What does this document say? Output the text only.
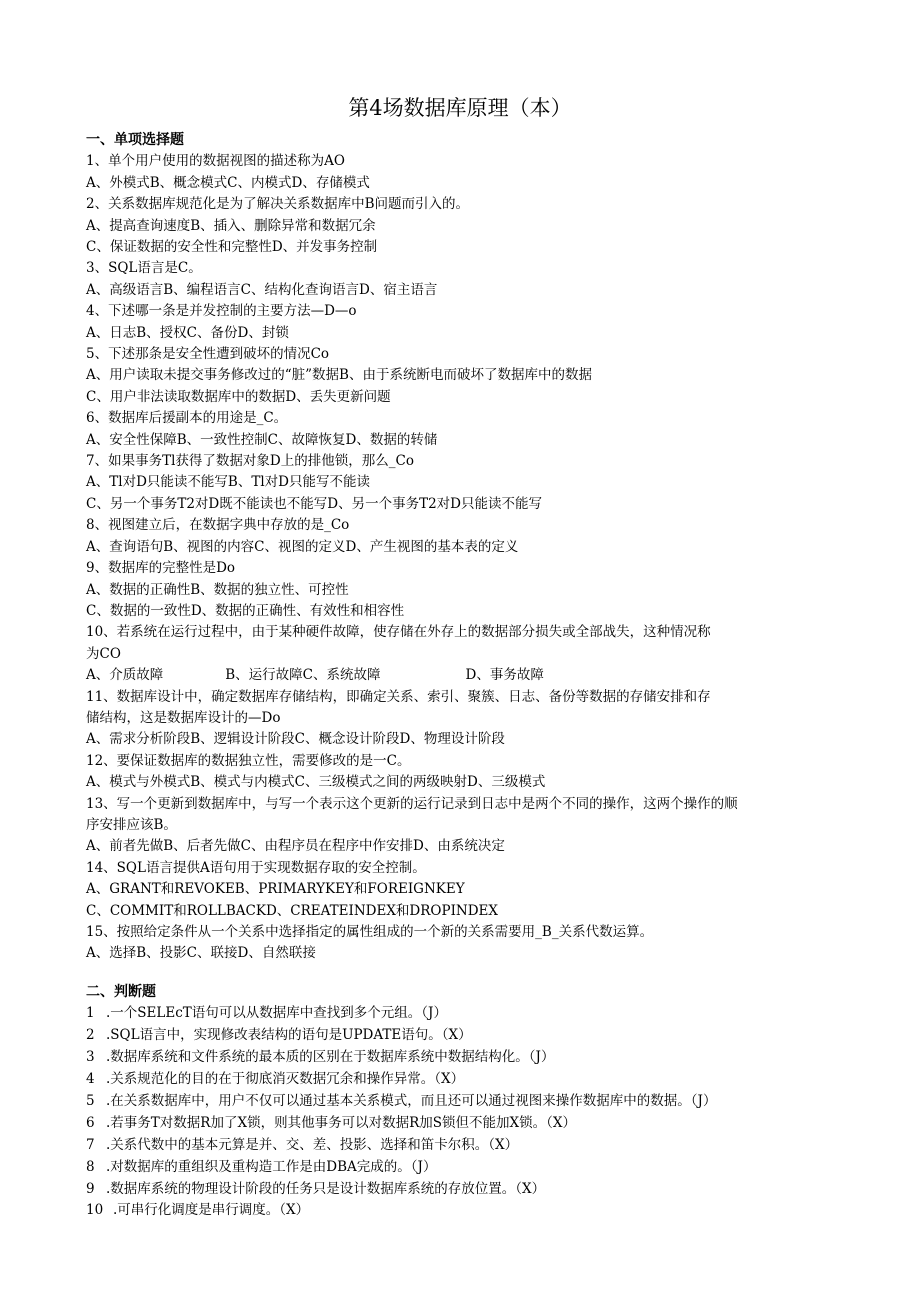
第4场数据库原理（本）
一、单项选择题
1、单个用户使用的数据视图的描述称为AO
A、外模式B、概念模式C、内模式D、存储模式
2、关系数据库规范化是为了解决关系数据库中B问题而引入的。
A、提高查询速度B、插入、删除异常和数据冗余
C、保证数据的安全性和完整性D、并发事务控制
3、SQL语言是C。
A、高级语言B、编程语言C、结构化查询语言D、宿主语言
4、下述哪一条是并发控制的主要方法—D—o
A、日志B、授权C、备份D、封锁
5、下述那条是安全性遭到破坏的情况Co
A、用户读取未提交事务修改过的“脏”数据B、由于系统断电而破坏了数据库中的数据
C、用户非法读取数据库中的数据D、丢失更新问题
6、数据库后援副本的用途是_C。
A、安全性保障B、一致性控制C、故障恢复D、数据的转储
7、如果事务Tl获得了数据对象D上的排他锁，那么_Co
A、Tl对D只能读不能写B、Tl对D只能写不能读
C、另一个事务T2对D既不能读也不能写D、另一个事务T2对D只能读不能写
8、视图建立后，在数据字典中存放的是_Co
A、查询语句B、视图的内容C、视图的定义D、产生视图的基本表的定义
9、数据库的完整性是Do
A、数据的正确性B、数据的独立性、可控性
C、数据的一致性D、数据的正确性、有效性和相容性
10、若系统在运行过程中，由于某种硬件故障，使存储在外存上的数据部分损失或全部战失，这种情况称
为CO
A、介质故障	B、运行故障C、系统故障	D、事务故障
11、数据库设计中，确定数据库存储结构，即确定关系、索引、聚簇、日志、备份等数据的存储安排和存
储结构，这是数据库设计的—Do
A、需求分析阶段B、逻辑设计阶段C、概念设计阶段D、物理设计阶段
12、要保证数据库的数据独立性，需要修改的是一C。
A、模式与外模式B、模式与内模式C、三级模式之间的两级映射D、三级模式
13、写一个更新到数据库中，与写一个表示这个更新的运行记录到日志中是两个不同的操作，这两个操作的顺
序安排应该B。
A、前者先做B、后者先做C、由程序员在程序中作安排D、由系统决定
14、SQL语言提供A语句用于实现数据存取的安全控制。
A、GRANT和REVOKEB、PRIMARYKEY和FOREIGNKEY
C、COMMIT和ROLLBACKD、CREATEINDEX和DROPINDEX
15、按照给定条件从一个关系中选择指定的属性组成的一个新的关系需要用_B_关系代数运算。
A、选择B、投影C、联接D、自然联接
二、判断题
1 .一个SELEcT语句可以从数据库中查找到多个元组。（J）
2 .SQL语言中，实现修改表结构的语句是UPDATE语句。（X）
3 .数据库系统和文件系统的最本质的区别在于数据库系统中数据结构化。（J）
4 .关系规范化的目的在于彻底消灭数据冗余和操作异常。（X）
5 .在关系数据库中，用户不仅可以通过基本关系模式，而且还可以通过视图来操作数据库中的数据。（J）
6 .若事务T对数据R加了X锁，则其他事务可以对数据R加S锁但不能加X锁。（X）
7 .关系代数中的基本元算是并、交、差、投影、选择和笛卡尔积。（X）
8 .对数据库的重组织及重构造工作是由DBA完成的。（J）
9 .数据库系统的物理设计阶段的任务只是设计数据库系统的存放位置。（X）
10 .可串行化调度是串行调度。（X）
